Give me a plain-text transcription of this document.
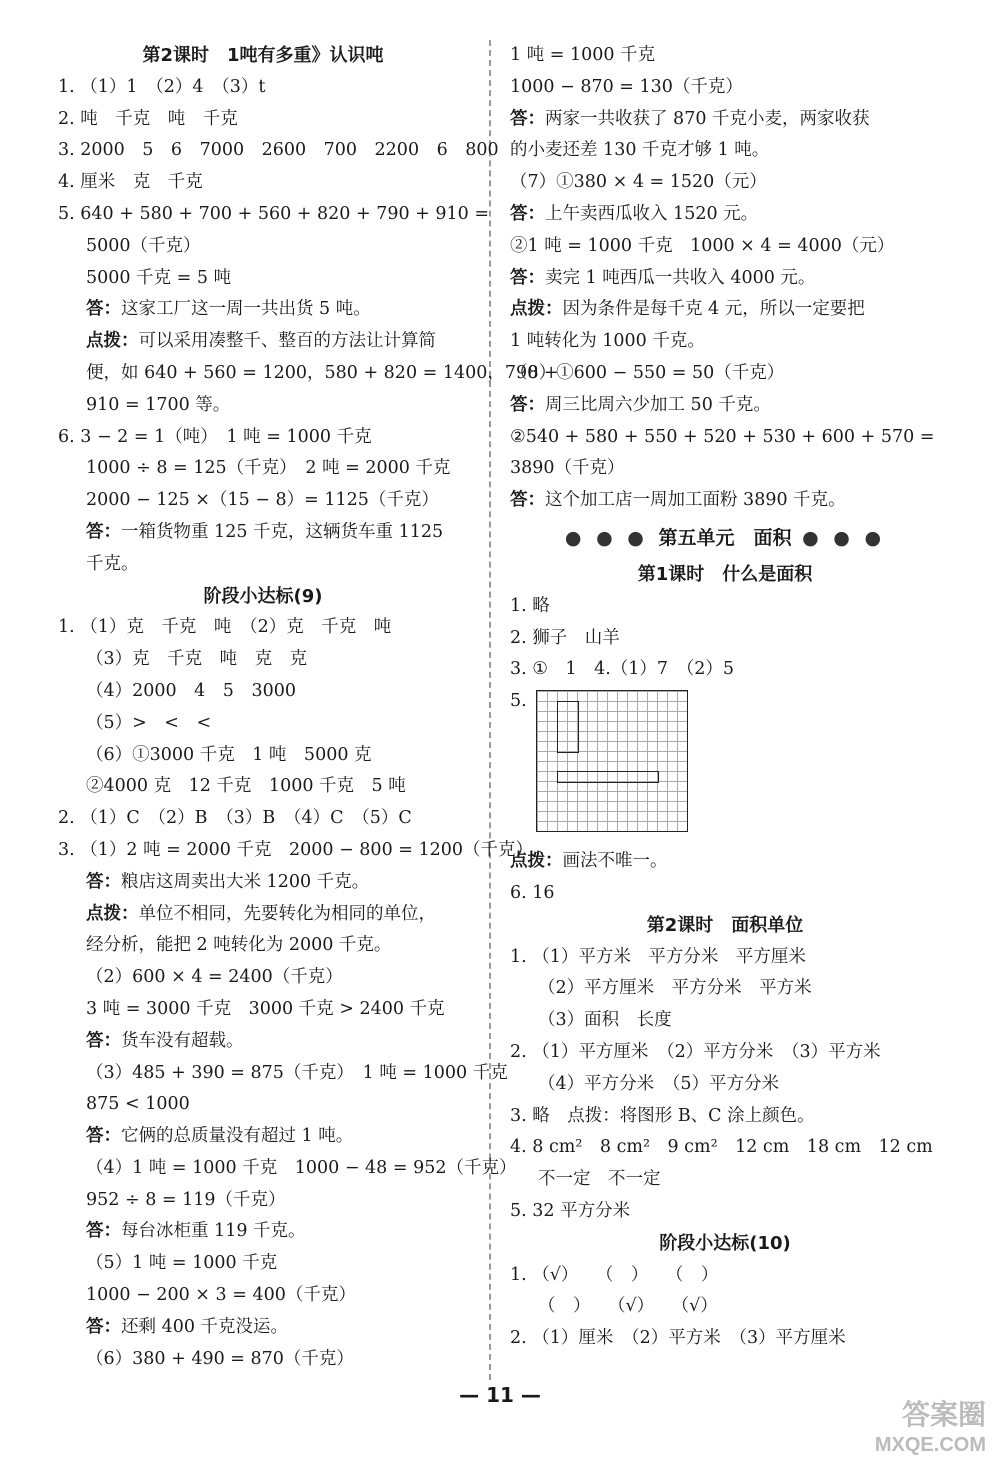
第2课时　1吨有多重》认识吨
1. （1）1　（2）4　（3）t
2. 吨　千克　吨　千克
3. 2000　5　6　7000　2600　700　2200　6　800
4. 厘米　克　千克
5. 640 + 580 + 700 + 560 + 820 + 790 + 910 =
5000（千克）
5000 千克 = 5 吨
答：这家工厂这一周一共出货 5 吨。
点拨：可以采用凑整千、整百的方法让计算简
便，如 640 + 560 = 1200，580 + 820 = 1400，790 +
910 = 1700 等。
6. 3 − 2 = 1（吨）　1 吨 = 1000 千克
1000 ÷ 8 = 125（千克）　2 吨 = 2000 千克
2000 − 125 ×（15 − 8）= 1125（千克）
答：一箱货物重 125 千克，这辆货车重 1125
千克。
阶段小达标(9)
1. （1）克　千克　吨　（2）克　千克　吨
（3）克　千克　吨　克　克
（4）2000　4　5　3000
（5）>　<　<
（6）①3000 千克　1 吨　5000 克
②4000 克　12 千克　1000 千克　5 吨
2. （1）C　（2）B　（3）B　（4）C　（5）C
3. （1）2 吨 = 2000 千克　2000 − 800 = 1200（千克）
答：粮店这周卖出大米 1200 千克。
点拨：单位不相同，先要转化为相同的单位，
经分析，能把 2 吨转化为 2000 千克。
（2）600 × 4 = 2400（千克）
3 吨 = 3000 千克　3000 千克 > 2400 千克
答：货车没有超载。
（3）485 + 390 = 875（千克）　1 吨 = 1000 千克
875 < 1000
答：它俩的总质量没有超过 1 吨。
（4）1 吨 = 1000 千克　1000 − 48 = 952（千克）
952 ÷ 8 = 119（千克）
答：每台冰柜重 119 千克。
（5）1 吨 = 1000 千克
1000 − 200 × 3 = 400（千克）
答：还剩 400 千克没运。
（6）380 + 490 = 870（千克）
1 吨 = 1000 千克
1000 − 870 = 130（千克）
答：两家一共收获了 870 千克小麦，两家收获
的小麦还差 130 千克才够 1 吨。
（7）①380 × 4 = 1520（元）
答：上午卖西瓜收入 1520 元。
②1 吨 = 1000 千克　1000 × 4 = 4000（元）
答：卖完 1 吨西瓜一共收入 4000 元。
点拨：因为条件是每千克 4 元，所以一定要把
1 吨转化为 1000 千克。
（8）①600 − 550 = 50（千克）
答：周三比周六少加工 50 千克。
②540 + 580 + 550 + 520 + 530 + 600 + 570 =
3890（千克）
答：这个加工店一周加工面粉 3890 千克。
● ● ● 第五单元　面积 ● ● ●
第1课时　什么是面积
1. 略
2. 狮子　山羊
3. ①　1　4.（1）7　（2）5
5.
点拨：画法不唯一。
6. 16
第2课时　面积单位
1. （1）平方米　平方分米　平方厘米
（2）平方厘米　平方分米　平方米
（3）面积　长度
2. （1）平方厘米　（2）平方分米　（3）平方米
（4）平方分米　（5）平方分米
3. 略　点拨：将图形 B、C 涂上颜色。
4. 8 cm²　8 cm²　9 cm²　12 cm　18 cm　12 cm
不一定　不一定
5. 32 平方分米
阶段小达标(10)
1. （√）　　（　）　　（　）
（　）　　（√）　　（√）
2. （1）厘米　（2）平方米　（3）平方厘米
— 11 —
答案圈
MXQE.COM
